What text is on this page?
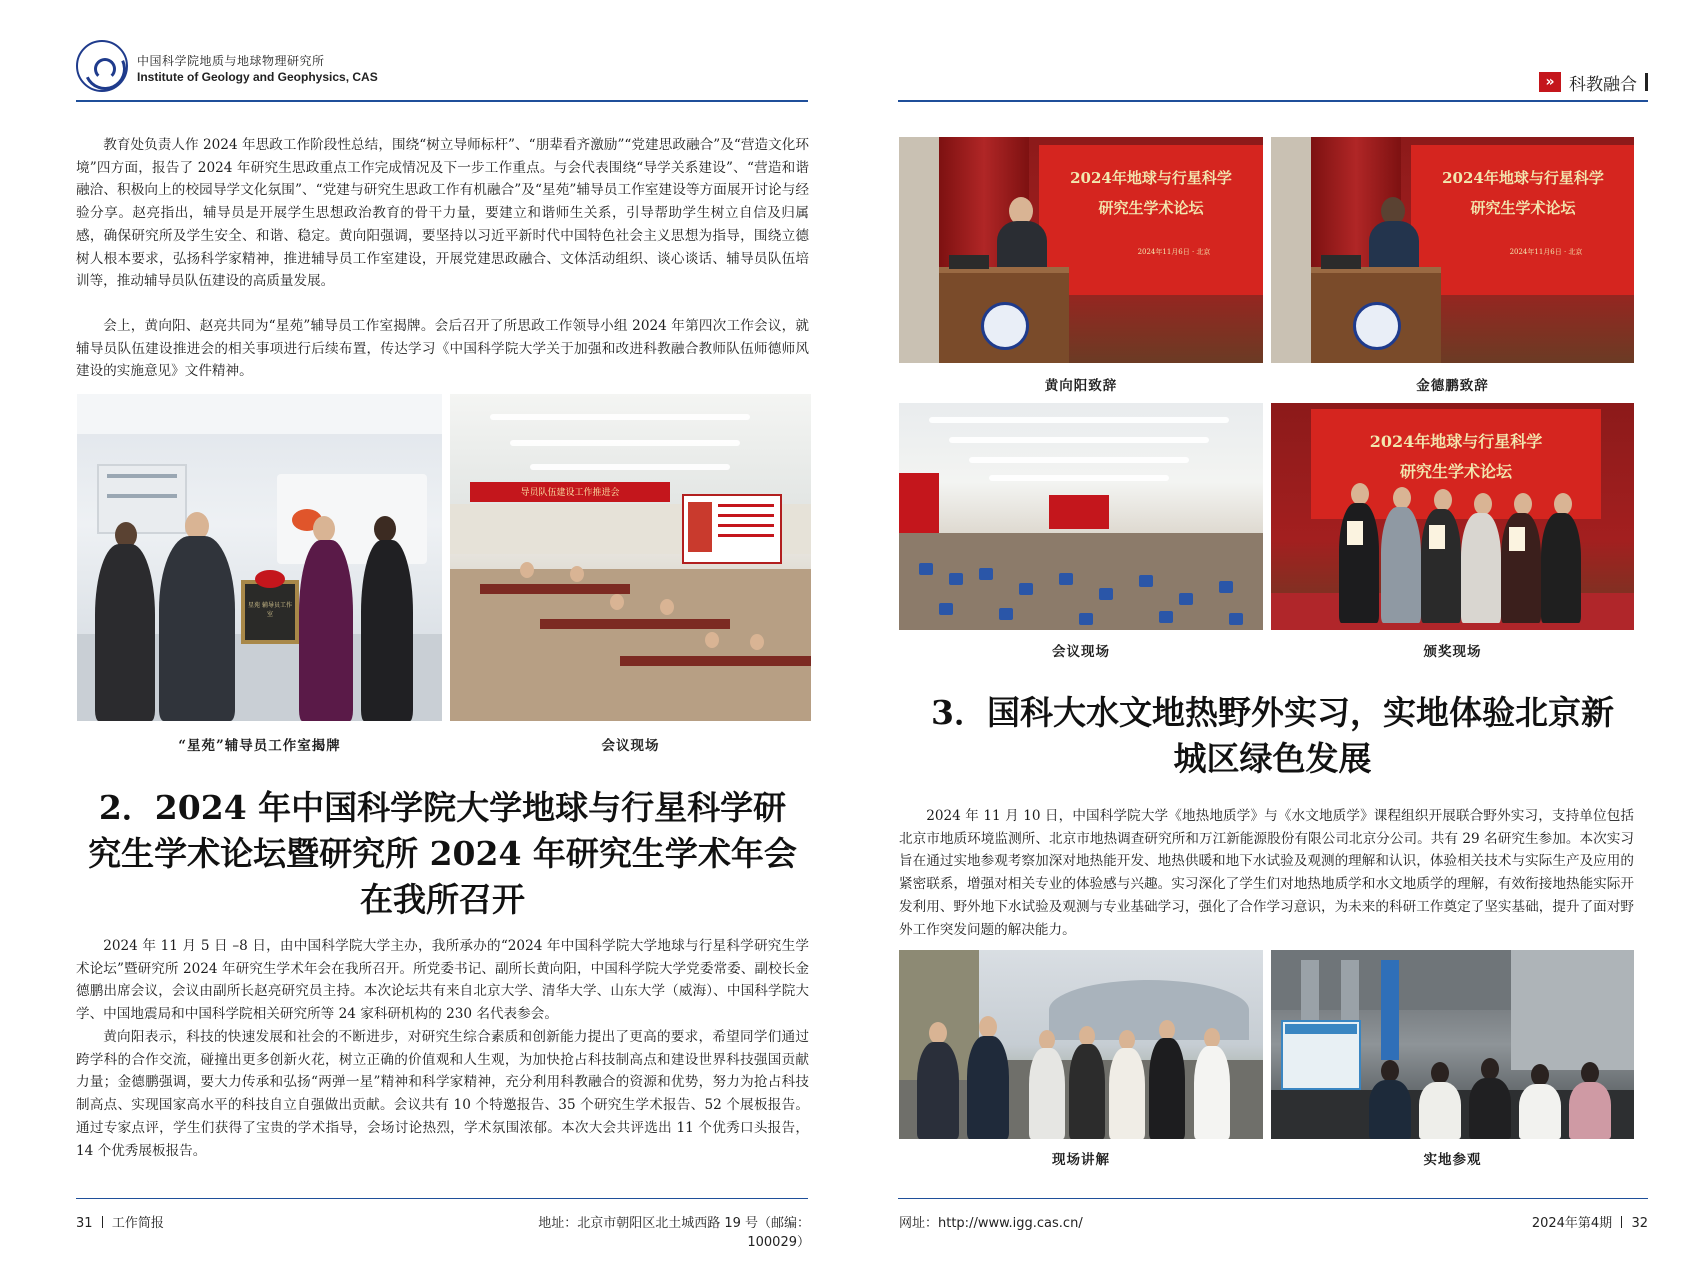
中国科学院地质与地球物理研究所
Institute of Geology and Geophysics, CAS

教育处负责人作 2024 年思政工作阶段性总结，围绕“树立导师标杆”、“朋辈看齐激励”“党建思政融合”及“营造文化环境”四方面，报告了 2024 年研究生思政重点工作完成情况及下一步工作重点。与会代表围绕“导学关系建设”、“营造和谐融洽、积极向上的校园导学文化氛围”、“党建与研究生思政工作有机融合”及“星苑”辅导员工作室建设等方面展开讨论与经验分享。赵亮指出，辅导员是开展学生思想政治教育的骨干力量，要建立和谐师生关系，引导帮助学生树立自信及归属感，确保研究所及学生安全、和谐、稳定。黄向阳强调，要坚持以习近平新时代中国特色社会主义思想为指导，围绕立德树人根本要求，弘扬科学家精神，推进辅导员工作室建设，开展党建思政融合、文体活动组织、谈心谈话、辅导员队伍培训等，推动辅导员队伍建设的高质量发展。

会上，黄向阳、赵亮共同为“星苑”辅导员工作室揭牌。会后召开了所思政工作领导小组 2024 年第四次工作会议，就辅导员队伍建设推进会的相关事项进行后续布置，传达学习《中国科学院大学关于加强和改进科教融合教师队伍师德师风建设的实施意见》文件精神。

星苑 辅导员工作室
导员队伍建设工作推进会
“星苑”辅导员工作室揭牌	会议现场
2．2024 年中国科学院大学地球与行星科学研
究生学术论坛暨研究所 2024 年研究生学术年会
在我所召开

2024 年 11 月 5 日 –8 日，由中国科学院大学主办，我所承办的“2024 年中国科学院大学地球与行星科学研究生学术论坛”暨研究所 2024 年研究生学术年会在我所召开。所党委书记、副所长黄向阳，中国科学院大学党委常委、副校长金德鹏出席会议，会议由副所长赵亮研究员主持。本次论坛共有来自北京大学、清华大学、山东大学（威海）、中国科学院大学、中国地震局和中国科学院相关研究所等 24 家科研机构的 230 名代表参会。

黄向阳表示，科技的快速发展和社会的不断进步，对研究生综合素质和创新能力提出了更高的要求，希望同学们通过跨学科的合作交流，碰撞出更多创新火花，树立正确的价值观和人生观，为加快抢占科技制高点和建设世界科技强国贡献力量；金德鹏强调，要大力传承和弘扬“两弹一星”精神和科学家精神，充分利用科教融合的资源和优势，努力为抢占科技制高点、实现国家高水平的科技自立自强做出贡献。会议共有 10 个特邀报告、35 个研究生学术报告、52 个展板报告。通过专家点评，学生们获得了宝贵的学术指导，会场讨论热烈，学术氛围浓郁。本次大会共评选出 11 个优秀口头报告，14 个优秀展板报告。

31 工作简报	地址：北京市朝阳区北土城西路 19 号（邮编：100029）
» 科教融合
2024年地球与行星科学
研究生学术论坛
2024年11月6日 · 北京
2024年地球与行星科学
研究生学术论坛
2024年11月6日 · 北京
黄向阳致辞	金德鹏致辞
2024年地球与行星科学
研究生学术论坛
会议现场	颁奖现场
3．国科大水文地热野外实习，实地体验北京新
城区绿色发展

2024 年 11 月 10 日，中国科学院大学《地热地质学》与《水文地质学》课程组织开展联合野外实习，支持单位包括北京市地质环境监测所、北京市地热调查研究所和万江新能源股份有限公司北京分公司。共有 29 名研究生参加。本次实习旨在通过实地参观考察加深对地热能开发、地热供暖和地下水试验及观测的理解和认识，体验相关技术与实际生产及应用的紧密联系，增强对相关专业的体验感与兴趣。实习深化了学生们对地热地质学和水文地质学的理解，有效衔接地热能实际开发利用、野外地下水试验及观测与专业基础学习，强化了合作学习意识，为未来的科研工作奠定了坚实基础，提升了面对野外工作突发问题的解决能力。

现场讲解	实地参观
网址：http://www.igg.cas.cn/	2024年第4期 32
